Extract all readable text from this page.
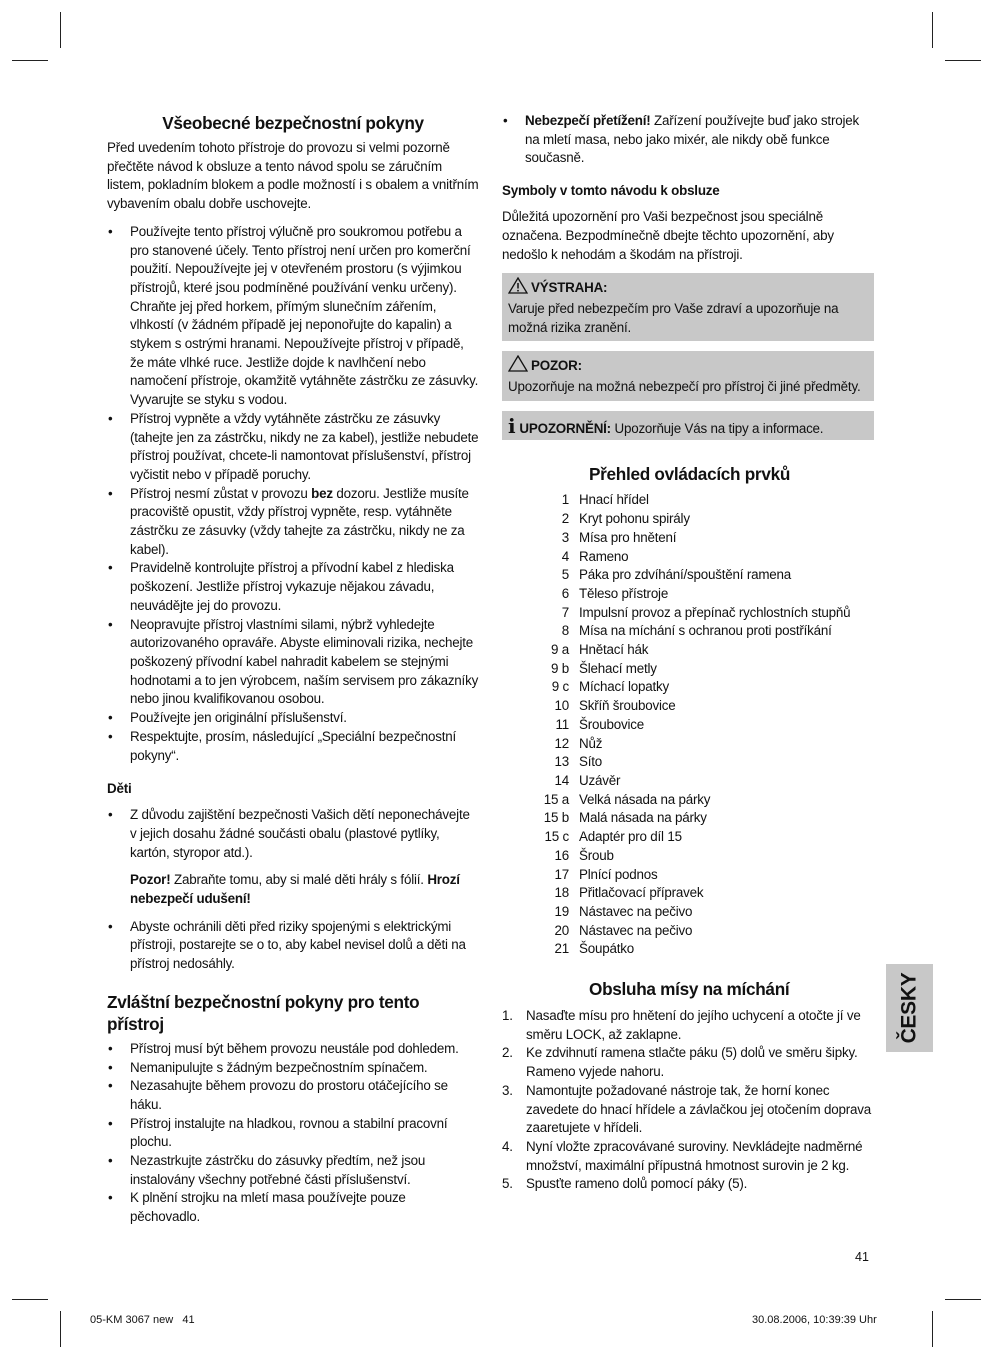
Všeobecné bezpečnostní pokyny

Před uvedením tohoto přístroje do provozu si velmi pozorně přečtěte návod k obsluze a tento návod spolu se záručním listem, pokladním blokem a podle možností i s obalem a vnitřním vybavením obalu dobře uschovejte.

• Používejte tento přístroj výlučně pro soukromou potřebu a pro stanovené účely. Tento přístroj není určen pro komerční použití. Nepoužívejte jej v otevřeném prostoru (s výjimkou přístrojů, které jsou podmíněné používání venku určeny). Chraňte jej před horkem, přímým slunečním zářením, vlhkostí (v žádném případě jej neponořujte do kapalin) a stykem s ostrými hranami. Nepoužívejte přístroj v případě, že máte vlhké ruce. Jestliže dojde k navlhčení nebo namočení přístroje, okamžitě vytáhněte zástrčku ze zásuvky. Vyvarujte se styku s vodou.
• Přístroj vypněte a vždy vytáhněte zástrčku ze zásuvky (tahejte jen za zástrčku, nikdy ne za kabel), jestliže nebudete přístroj používat, chcete-li namontovat příslušenství, přístroj vyčistit nebo v případě poruchy.
• Přístroj nesmí zůstat v provozu bez dozoru. Jestliže musíte pracoviště opustit, vždy přístroj vypněte, resp. vytáhněte zástrčku ze zásuvky (vždy tahejte za zástrčku, nikdy ne za kabel).
• Pravidelně kontrolujte přístroj a přívodní kabel z hlediska poškození. Jestliže přístroj vykazuje nějakou závadu, neuvádějte jej do provozu.
• Neopravujte přístroj vlastními silami, nýbrž vyhledejte autorizovaného opraváře. Abyste eliminovali rizika, nechejte poškozený přívodní kabel nahradit kabelem se stejnými hodnotami a to jen výrobcem, naším servisem pro zákazníky nebo jinou kvalifikovanou osobou.
• Používejte jen originální příslušenství.
• Respektujte, prosím, následující „Speciální bezpečnostní pokyny“.
Děti
• Z důvodu zajištění bezpečnosti Vašich dětí neponechávejte v jejich dosahu žádné součásti obalu (plastové pytlíky, kartón, styropor atd.).

Pozor! Zabraňte tomu, aby si malé děti hrály s fólií. Hrozí nebezpečí udušení!

• Abyste ochránili děti před riziky spojenými s elektrickými přístroji, postarejte se o to, aby kabel nevisel dolů a děti na přístroj nedosáhly.
Zvláštní bezpečnostní pokyny pro tento přístroj
• Přístroj musí být během provozu neustále pod dohledem.
• Nemanipulujte s žádným bezpečnostním spínačem.
• Nezasahujte během provozu do prostoru otáčejícího se háku.
• Přístroj instalujte na hladkou, rovnou a stabilní pracovní plochu.
• Nezastrkujte zástrčku do zásuvky předtím, než jsou instalovány všechny potřebné části příslušenství.
• K plnění strojku na mletí masa používejte pouze pěchovadlo.
• Nebezpečí přetížení! Zařízení používejte buď jako strojek na mletí masa, nebo jako mixér, ale nikdy obě funkce současně.
Symboly v tomto návodu k obsluze

Důležitá upozornění pro Vaši bezpečnost jsou speciálně označena. Bezpodmínečně dbejte těchto upozornění, aby nedošlo k nehodám a škodám na přístroji.

VÝSTRAHA:
Varuje před nebezpečím pro Vaše zdraví a upozorňuje na možná rizika zranění.
POZOR:
Upozorňuje na možná nebezpečí pro přístroj či jiné předměty.
i UPOZORNĚNÍ: Upozorňuje Vás na tipy a informace.
Přehled ovládacích prvků
1 Hnací hřídel
2 Kryt pohonu spirály
3 Mísa pro hnětení
4 Rameno
5 Páka pro zdvíhání/spouštění ramena
6 Těleso přístroje
7 Impulsní provoz a přepínač rychlostních stupňů
8 Mísa na míchání s ochranou proti postříkání
9 a Hnětací hák
9 b Šlehací metly
9 c Míchací lopatky
10 Skříň šroubovice
11 Šroubovice
12 Nůž
13 Síto
14 Uzávěr
15 a Velká násada na párky
15 b Malá násada na párky
15 c Adaptér pro díl 15
16 Šroub
17 Plnící podnos
18 Přitlačovací přípravek
19 Nástavec na pečivo
20 Nástavec na pečivo
21 Šoupátko
Obsluha mísy na míchání
1. Nasaďte mísu pro hnětení do jejího uchycení a otočte jí ve směru LOCK, až zaklapne.
2. Ke zdvihnutí ramena stlačte páku (5) dolů ve směru šipky. Rameno vyjede nahoru.
3. Namontujte požadované nástroje tak, že horní konec zavedete do hnací hřídele a závlačkou jej otočením doprava zaaretujete v hřídeli.
4. Nyní vložte zpracovávané suroviny. Nevkládejte nadměrné množství, maximální přípustná hmotnost surovin je 2 kg.
5. Spusťte rameno dolů pomocí páky (5).
ČESKY
41
05-KM 3067 new   41	30.08.2006, 10:39:39 Uhr
